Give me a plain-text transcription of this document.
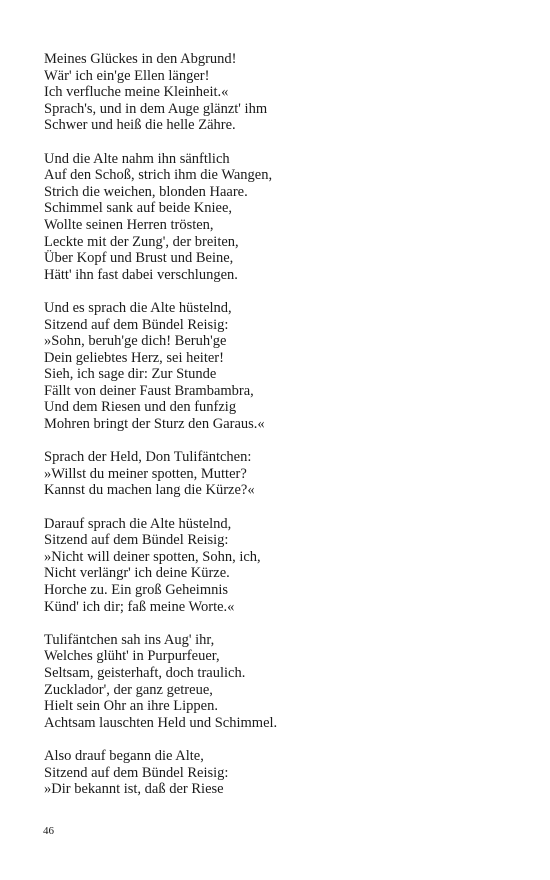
Meines Glückes in den Abgrund!
Wär' ich ein'ge Ellen länger!
Ich verfluche meine Kleinheit.«
Sprach's, und in dem Auge glänzt' ihm
Schwer und heiß die helle Zähre.
Und die Alte nahm ihn sänftlich
Auf den Schoß, strich ihm die Wangen,
Strich die weichen, blonden Haare.
Schimmel sank auf beide Kniee,
Wollte seinen Herren trösten,
Leckte mit der Zung', der breiten,
Über Kopf und Brust und Beine,
Hätt' ihn fast dabei verschlungen.
Und es sprach die Alte hüstelnd,
Sitzend auf dem Bündel Reisig:
»Sohn, beruh'ge dich! Beruh'ge
Dein geliebtes Herz, sei heiter!
Sieh, ich sage dir: Zur Stunde
Fällt von deiner Faust Brambambra,
Und dem Riesen und den funfzig
Mohren bringt der Sturz den Garaus.«
Sprach der Held, Don Tulifäntchen:
»Willst du meiner spotten, Mutter?
Kannst du machen lang die Kürze?«
Darauf sprach die Alte hüstelnd,
Sitzend auf dem Bündel Reisig:
»Nicht will deiner spotten, Sohn, ich,
Nicht verlängr' ich deine Kürze.
Horche zu. Ein groß Geheimnis
Künd' ich dir; faß meine Worte.«
Tulifäntchen sah ins Aug' ihr,
Welches glüht' in Purpurfeuer,
Seltsam, geisterhaft, doch traulich.
Zucklador', der ganz getreue,
Hielt sein Ohr an ihre Lippen.
Achtsam lauschten Held und Schimmel.
Also drauf begann die Alte,
Sitzend auf dem Bündel Reisig:
»Dir bekannt ist, daß der Riese
46
